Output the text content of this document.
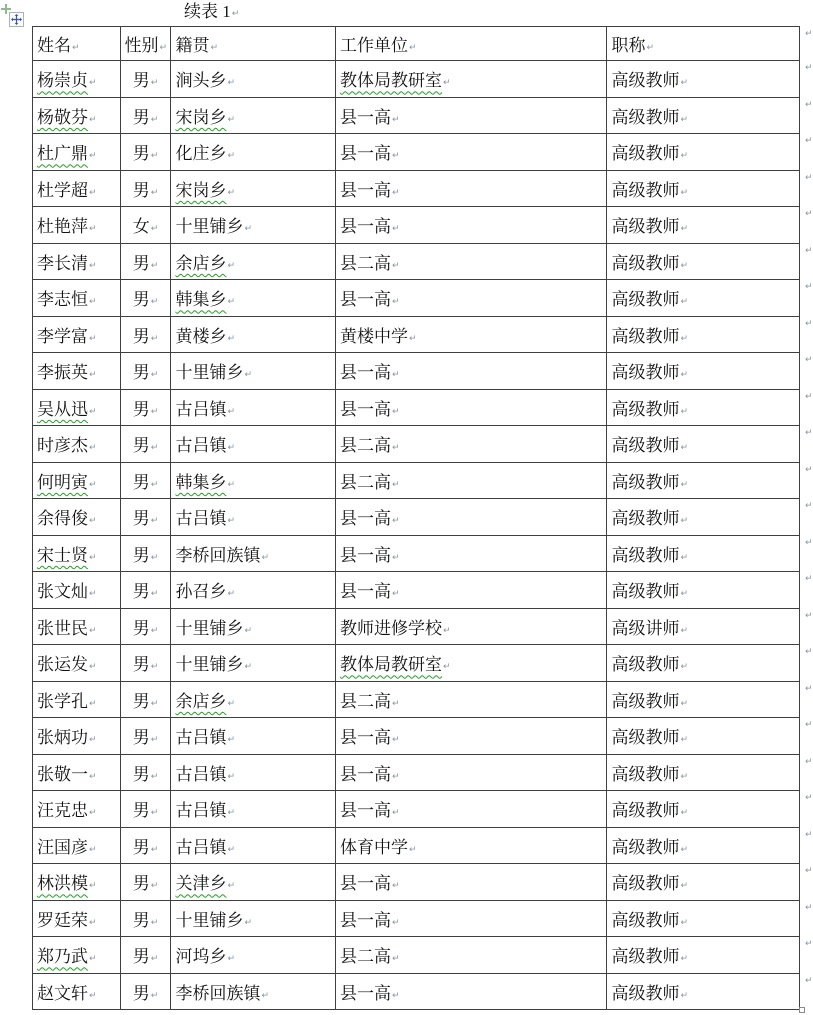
续表 1↵
姓名↵	性别↵	籍贯↵	工作单位↵	职称↵
杨崇贞↵	男↵	涧头乡↵	教体局教研室↵	高级教师↵
杨敬芬↵	男↵	宋岗乡↵	县一高↵	高级教师↵
杜广鼎↵	男↵	化庄乡↵	县一高↵	高级教师↵
杜学超↵	男↵	宋岗乡↵	县一高↵	高级教师↵
杜艳萍↵	女↵	十里铺乡↵	县一高↵	高级教师↵
李长清↵	男↵	余店乡↵	县二高↵	高级教师↵
李志恒↵	男↵	韩集乡↵	县一高↵	高级教师↵
李学富↵	男↵	黄楼乡↵	黄楼中学↵	高级教师↵
李振英↵	男↵	十里铺乡↵	县一高↵	高级教师↵
吴从迅↵	男↵	古吕镇↵	县一高↵	高级教师↵
时彦杰↵	男↵	古吕镇↵	县二高↵	高级教师↵
何明寅↵	男↵	韩集乡↵	县二高↵	高级教师↵
余得俊↵	男↵	古吕镇↵	县一高↵	高级教师↵
宋士贤↵	男↵	李桥回族镇↵	县一高↵	高级教师↵
张文灿↵	男↵	孙召乡↵	县一高↵	高级教师↵
张世民↵	男↵	十里铺乡↵	教师进修学校↵	高级讲师↵
张运发↵	男↵	十里铺乡↵	教体局教研室↵	高级教师↵
张学孔↵	男↵	余店乡↵	县二高↵	高级教师↵
张炳功↵	男↵	古吕镇↵	县一高↵	高级教师↵
张敬一↵	男↵	古吕镇↵	县一高↵	高级教师↵
汪克忠↵	男↵	古吕镇↵	县一高↵	高级教师↵
汪国彦↵	男↵	古吕镇↵	体育中学↵	高级教师↵
林洪模↵	男↵	关津乡↵	县一高↵	高级教师↵
罗廷荣↵	男↵	十里铺乡↵	县一高↵	高级教师↵
郑乃武↵	男↵	河坞乡↵	县二高↵	高级教师↵
赵文轩↵	男↵	李桥回族镇↵	县一高↵	高级教师↵
↵
↵
↵
↵
↵
↵
↵
↵
↵
↵
↵
↵
↵
↵
↵
↵
↵
↵
↵
↵
↵
↵
↵
↵
↵
↵
↵
